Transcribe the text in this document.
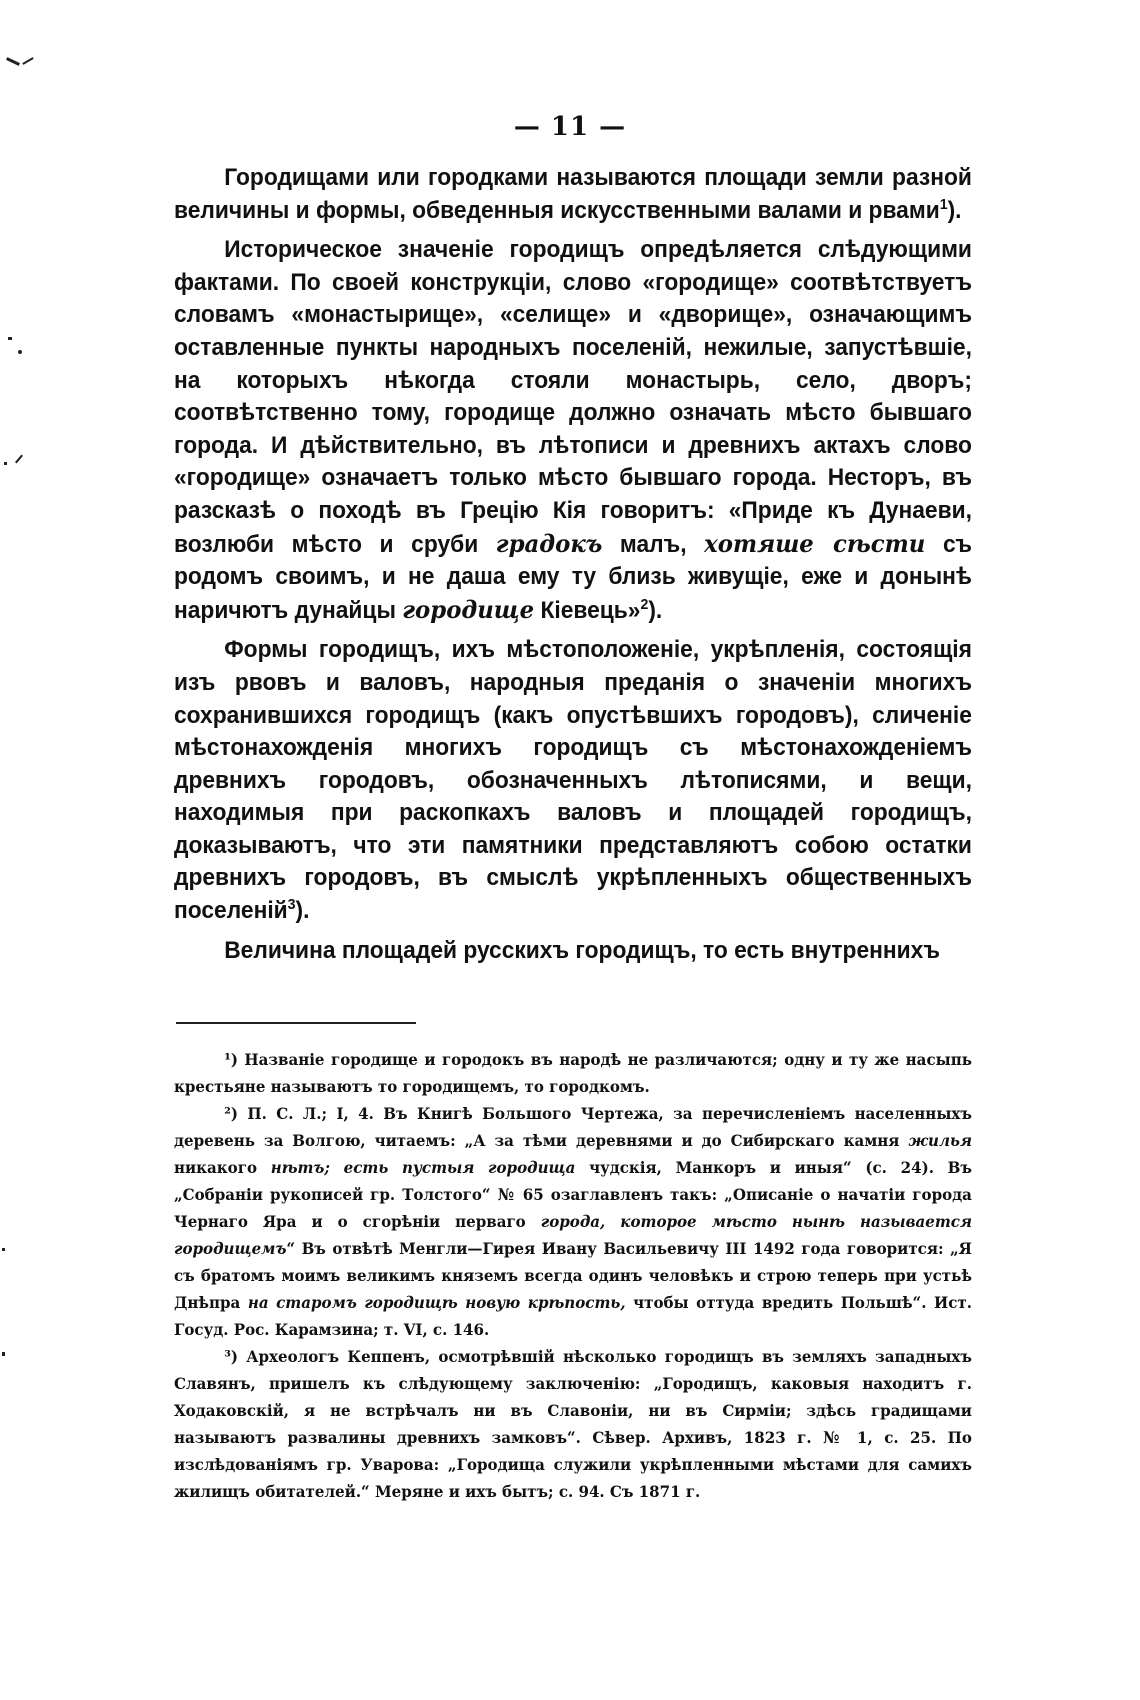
— 11 —

Городищами или городками называются площади земли разной величины и формы, обведенныя искусственными валами и рвами$^1$).

Историческое значеніе городищъ опредѣляется слѣдующими фактами. По своей конструкціи, слово «городище» соотвѣтствуетъ словамъ «монастырище», «селище» и «дворище», означающимъ оставленные пункты народныхъ поселеній, нежилые, запустѣвшіе, на которыхъ нѣкогда стояли монастырь, село, дворъ; соотвѣтственно тому, городище должно означать мѣсто бывшаго города. И дѣйствительно, въ лѣтописи и древнихъ актахъ слово «городище» означаетъ только мѣсто бывшаго города. Несторъ, въ разсказѣ о походѣ въ Грецію Кія говоритъ: «Приде къ Дунаеви, возлюби мѣсто и сруби градокъ малъ, хотяше сѣсти съ родомъ своимъ, и не даша ему ту близь живущіе, еже и донынѣ наричютъ дунайцы городище Кіевець»$^2$).

Формы городищъ, ихъ мѣстоположеніе, укрѣпленія, состоящія изъ рвовъ и валовъ, народныя преданія о значеніи многихъ сохранившихся городищъ (какъ опустѣвшихъ городовъ), сличеніе мѣстонахожденія многихъ городищъ съ мѣстонахожденіемъ древнихъ городовъ, обозначенныхъ лѣтописями, и вещи, находимыя при раскопкахъ валовъ и площадей городищъ, доказываютъ, что эти памятники представляютъ собою остатки древнихъ городовъ, въ смыслѣ укрѣпленныхъ общественныхъ поселеній$^3$).

Величина площадей русскихъ городищъ, то есть внутреннихъ

¹) Названіе городище и городокъ въ народѣ не различаются; одну и ту же насыпь крестьяне называютъ то городищемъ, то городкомъ.

²) П. С. Л.; I, 4. Въ Книгѣ Большого Чертежа, за перечисленіемъ населенныхъ деревень за Волгою, читаемъ: „А за тѣми деревнями и до Сибирскаго камня жилья никакого нѣтъ; есть пустыя городища чудскія, Манкоръ и иныя“ (с. 24). Въ „Собраніи рукописей гр. Толстого“ № 65 озаглавленъ такъ: „Описаніе о начатіи города Чернаго Яра и о сгорѣніи перваго города, которое мѣсто нынѣ называется городищемъ“ Въ отвѣтѣ Менгли—Гирея Ивану Васильевичу III 1492 года говорится: „Я съ братомъ моимъ великимъ княземъ всегда одинъ человѣкъ и строю теперь при устьѣ Днѣпра на старомъ городищѣ новую крѣпость, чтобы оттуда вредить Польшѣ“. Ист. Госуд. Рос. Карамзина; т. VI, с. 146.

³) Археологъ Кеппенъ, осмотрѣвшій нѣсколько городищъ въ земляхъ западныхъ Славянъ, пришелъ къ слѣдующему заключенію: „Городищъ, каковыя находитъ г. Ходаковскій, я не встрѣчалъ ни въ Славоніи, ни въ Сирміи; здѣсь градищами называютъ развалины древнихъ замковъ“. Сѣвер. Архивъ, 1823 г. № 1, с. 25. По изслѣдованіямъ гр. Уварова: „Городища служили укрѣпленными мѣстами для самихъ жилищъ обитателей.“ Меряне и ихъ бытъ; с. 94. Съ 1871 г.
